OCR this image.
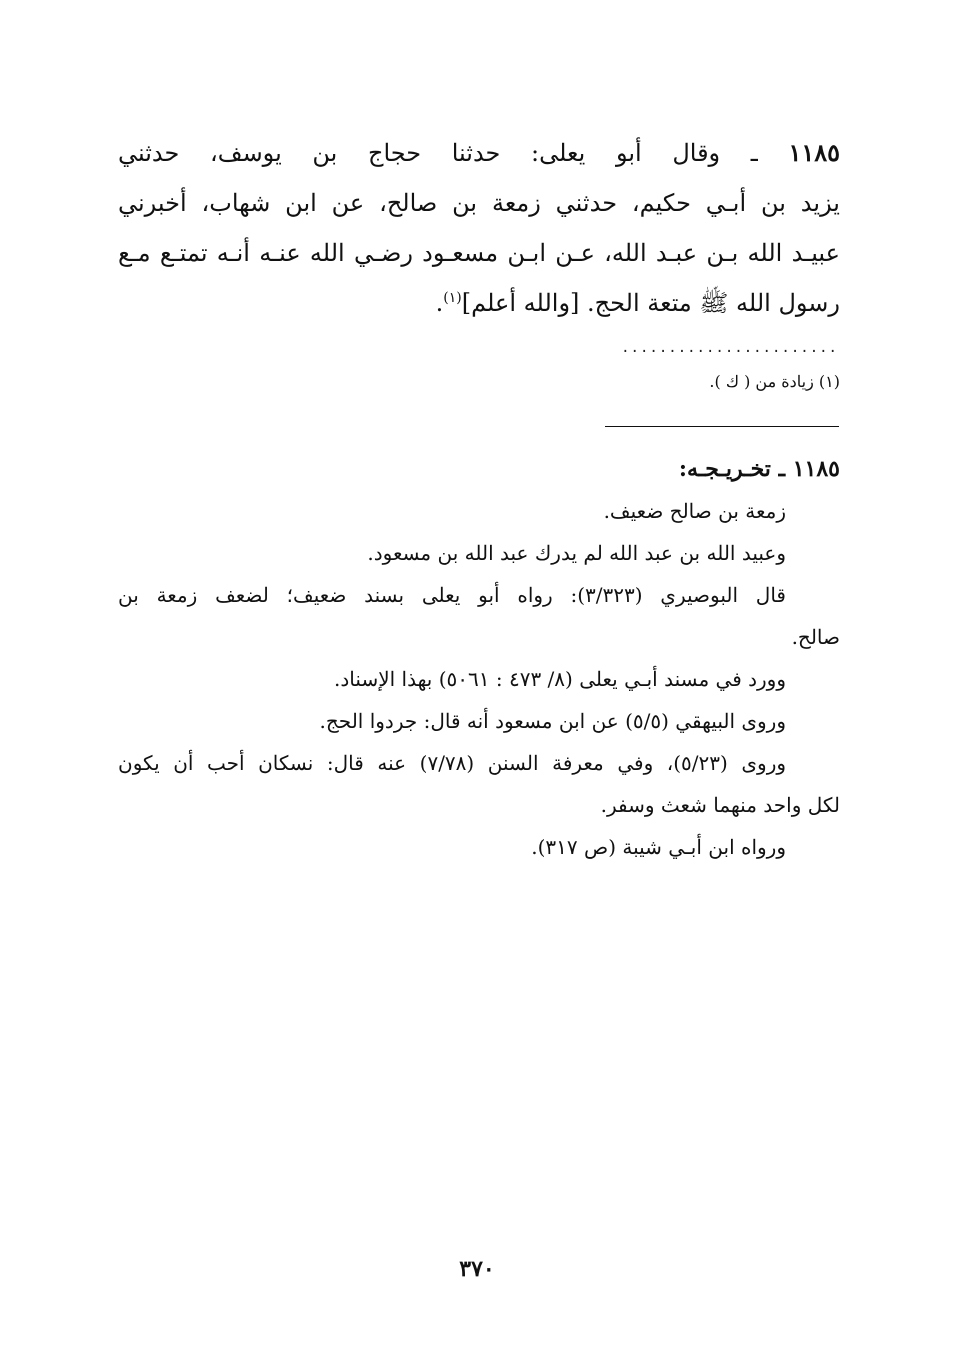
١١٨٥ ـ وقال أبو يعلى: حدثنا حجاج بن يوسف، حدثني
يزيد بن أبـي حكيم، حدثني زمعة بن صالح، عن ابن شهاب، أخبرني
عبيـد الله بـن عبـد الله، عـن ابـن مسعـود رضـي الله عنـه أنـه تمتـع مـع
رسول الله ﷺ متعة الحج. [والله أعلم]$^{(١)}$.
.......................
(١) زيادة من ( ك ).
١١٨٥ ـ تخـريـجـه:
زمعة بن صالح ضعيف.
وعبيد الله بن عبد الله لم يدرك عبد الله بن مسعود.
قال البوصيري (٣/٣٢٣): رواه أبو يعلى بسند ضعيف؛ لضعف زمعة بن
صالح.
وورد في مسند أبـي يعلى (٨/ ٤٧٣ : ٥٠٦١) بهذا الإسناد.
وروى البيهقي (٥/٥) عن ابن مسعود أنه قال: جردوا الحج.
وروى (٥/٢٣)، وفي معرفة السنن (٧/٧٨) عنه قال: نسكان أحب أن يكون
لكل واحد منهما شعث وسفر.
ورواه ابن أبـي شيبة (ص ٣١٧).
٣٧٠
